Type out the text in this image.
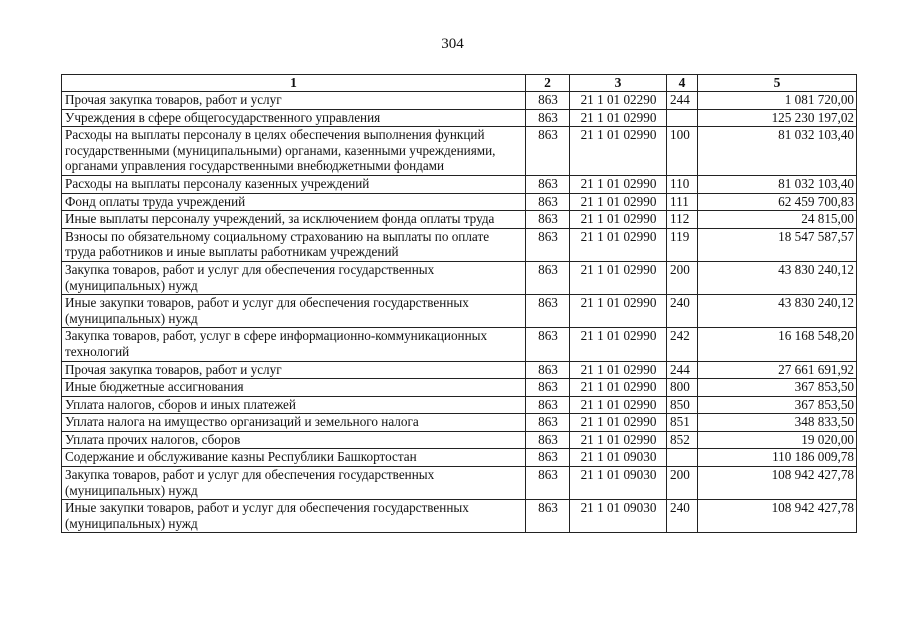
304
1	2	3	4	5
Прочая закупка товаров, работ и услуг	863	21 1 01 02290	244	1 081 720,00
Учреждения в сфере общегосударственного управления	863	21 1 01 02990		125 230 197,02
Расходы на выплаты персоналу в целях обеспечения выполнения функций государственными (муниципальными) органами, казенными учреждениями, органами управления государственными внебюджетными фондами	863	21 1 01 02990	100	81 032 103,40
Расходы на выплаты персоналу казенных учреждений	863	21 1 01 02990	110	81 032 103,40
Фонд оплаты труда учреждений	863	21 1 01 02990	111	62 459 700,83
Иные выплаты персоналу учреждений, за исключением фонда оплаты труда	863	21 1 01 02990	112	24 815,00
Взносы по обязательному социальному страхованию на выплаты по оплате труда работников и иные выплаты работникам учреждений	863	21 1 01 02990	119	18 547 587,57
Закупка товаров, работ и услуг для обеспечения государственных (муниципальных) нужд	863	21 1 01 02990	200	43 830 240,12
Иные закупки товаров, работ и услуг для обеспечения государственных (муниципальных) нужд	863	21 1 01 02990	240	43 830 240,12
Закупка товаров, работ, услуг в сфере информационно-коммуникационных технологий	863	21 1 01 02990	242	16 168 548,20
Прочая закупка товаров, работ и услуг	863	21 1 01 02990	244	27 661 691,92
Иные бюджетные ассигнования	863	21 1 01 02990	800	367 853,50
Уплата налогов, сборов и иных платежей	863	21 1 01 02990	850	367 853,50
Уплата налога на имущество организаций и земельного налога	863	21 1 01 02990	851	348 833,50
Уплата прочих налогов, сборов	863	21 1 01 02990	852	19 020,00
Содержание и обслуживание казны Республики Башкортостан	863	21 1 01 09030		110 186 009,78
Закупка товаров, работ и услуг для обеспечения государственных (муниципальных) нужд	863	21 1 01 09030	200	108 942 427,78
Иные закупки товаров, работ и услуг для обеспечения государственных (муниципальных) нужд	863	21 1 01 09030	240	108 942 427,78
